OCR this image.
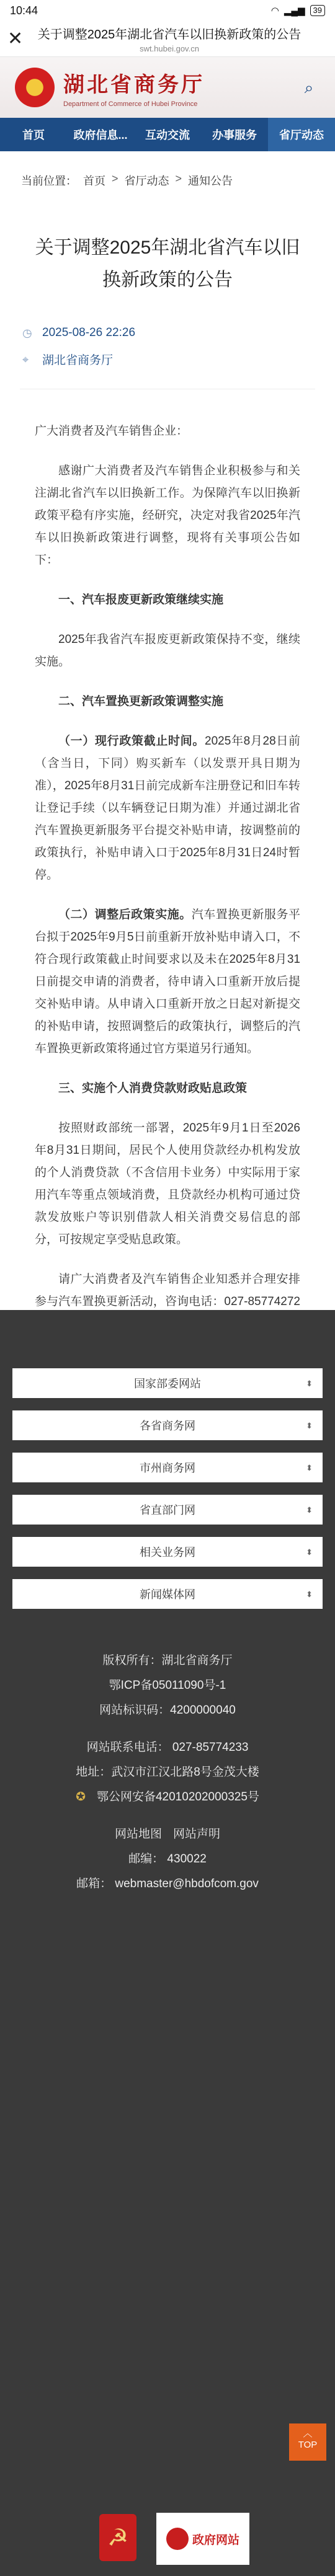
10:44	◠ ▂▄▆	39
✕	关于调整2025年湖北省汽车以旧换新政策的公告
swt.hubei.gov.cn
★	湖北省商务厅
Department of Commerce of Hubei Province
⌕
首页	政府信息...	互动交流	办事服务	省厅动态
当前位置： 首页 > 省厅动态 > 通知公告
关于调整2025年湖北省汽车以旧换新政策的公告
◷ 2025-08-26 22:26
⌖	湖北省商务厅

广大消费者及汽车销售企业：

感谢广大消费者及汽车销售企业积极参与和关注湖北省汽车以旧换新工作。为保障汽车以旧换新政策平稳有序实施，经研究，决定对我省2025年汽车以旧换新政策进行调整，现将有关事项公告如下：

一、汽车报废更新政策继续实施

2025年我省汽车报废更新政策保持不变，继续实施。

二、汽车置换更新政策调整实施

（一）现行政策截止时间。2025年8月28日前（含当日，下同）购买新车（以发票开具日期为准），2025年8月31日前完成新车注册登记和旧车转让登记手续（以车辆登记日期为准）并通过湖北省汽车置换更新服务平台提交补贴申请，按调整前的政策执行，补贴申请入口于2025年8月31日24时暂停。

（二）调整后政策实施。汽车置换更新服务平台拟于2025年9月5日前重新开放补贴申请入口，不符合现行政策截止时间要求以及未在2025年8月31日前提交申请的消费者，待申请入口重新开放后提交补贴申请。从申请入口重新开放之日起对新提交的补贴申请，按照调整后的政策执行，调整后的汽车置换更新政策将通过官方渠道另行通知。

三、实施个人消费贷款财政贴息政策

按照财政部统一部署，2025年9月1日至2026年8月31日期间，居民个人使用贷款经办机构发放的个人消费贷款（不含信用卡业务）中实际用于家用汽车等重点领域消费，且贷款经办机构可通过贷款发放账户等识别借款人相关消费交易信息的部分，可按规定享受贴息政策。

请广大消费者及汽车销售企业知悉并合理安排参与汽车置换更新活动，咨询电话：027-85774272

国家部委网站	⬍
各省商务网	⬍
市州商务网	⬍
省直部门网	⬍
相关业务网	⬍
新闻媒体网	⬍
版权所有：湖北省商务厅
鄂ICP备05011090号-1
网站标识码：4200000040
网站联系电话： 027-85774233
地址：武汉市江汉北路8号金茂大楼
✪ 鄂公网安备42010202000325号
网站地图 网站声明
邮编： 430022
邮箱： webmaster@hbdofcom.gov
︿
TOP
☭	政府网站
